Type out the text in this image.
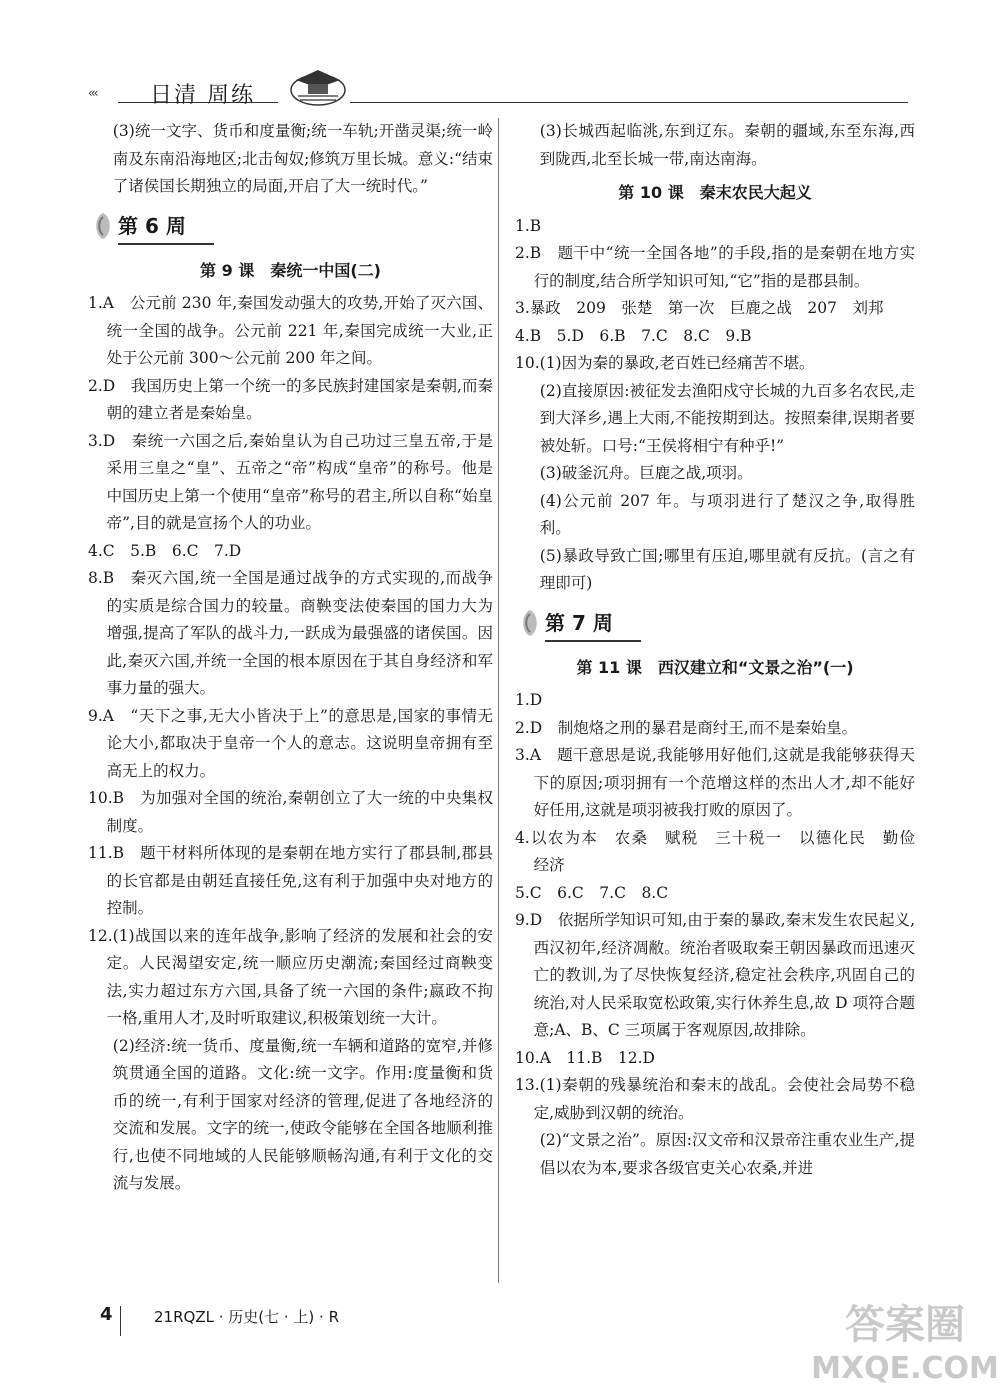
‹‹‹ 日清 周练

(3)统一文字、货币和度量衡;统一车轨;开凿灵渠;统一岭南及东南沿海地区;北击匈奴;修筑万里长城。意义:“结束了诸侯国长期独立的局面,开启了大一统时代。”

第 6 周

第 9 课　秦统一中国(二)

1.A　公元前 230 年,秦国发动强大的攻势,开始了灭六国、统一全国的战争。公元前 221 年,秦国完成统一大业,正处于公元前 300～公元前 200 年之间。

2.D　我国历史上第一个统一的多民族封建国家是秦朝,而秦朝的建立者是秦始皇。

3.D　秦统一六国之后,秦始皇认为自己功过三皇五帝,于是采用三皇之“皇”、五帝之“帝”构成“皇帝”的称号。他是中国历史上第一个使用“皇帝”称号的君主,所以自称“始皇帝”,目的就是宣扬个人的功业。

4.C　5.B　6.C　7.D

8.B　秦灭六国,统一全国是通过战争的方式实现的,而战争的实质是综合国力的较量。商鞅变法使秦国的国力大为增强,提高了军队的战斗力,一跃成为最强盛的诸侯国。因此,秦灭六国,并统一全国的根本原因在于其自身经济和军事力量的强大。

9.A　“天下之事,无大小皆决于上”的意思是,国家的事情无论大小,都取决于皇帝一个人的意志。这说明皇帝拥有至高无上的权力。

10.B　为加强对全国的统治,秦朝创立了大一统的中央集权制度。

11.B　题干材料所体现的是秦朝在地方实行了郡县制,郡县的长官都是由朝廷直接任免,这有利于加强中央对地方的控制。

12.(1)战国以来的连年战争,影响了经济的发展和社会的安定。人民渴望安定,统一顺应历史潮流;秦国经过商鞅变法,实力超过东方六国,具备了统一六国的条件;嬴政不拘一格,重用人才,及时听取建议,积极策划统一大计。

(2)经济:统一货币、度量衡,统一车辆和道路的宽窄,并修筑贯通全国的道路。文化:统一文字。作用:度量衡和货币的统一,有利于国家对经济的管理,促进了各地经济的交流和发展。文字的统一,使政令能够在全国各地顺利推行,也使不同地域的人民能够顺畅沟通,有利于文化的交流与发展。

(3)长城西起临洮,东到辽东。秦朝的疆域,东至东海,西到陇西,北至长城一带,南达南海。

第 10 课　秦末农民大起义

1.B

2.B　题干中“统一全国各地”的手段,指的是秦朝在地方实行的制度,结合所学知识可知,“它”指的是郡县制。

3.暴政　209　张楚　第一次　巨鹿之战　207　刘邦

4.B　5.D　6.B　7.C　8.C　9.B

10.(1)因为秦的暴政,老百姓已经痛苦不堪。

(2)直接原因:被征发去渔阳戍守长城的九百多名农民,走到大泽乡,遇上大雨,不能按期到达。按照秦律,误期者要被处斩。口号:“王侯将相宁有种乎!”

(3)破釜沉舟。巨鹿之战,项羽。

(4)公元前 207 年。与项羽进行了楚汉之争,取得胜利。

(5)暴政导致亡国;哪里有压迫,哪里就有反抗。(言之有理即可)

第 7 周

第 11 课　西汉建立和“文景之治”(一)

1.D

2.D　制炮烙之刑的暴君是商纣王,而不是秦始皇。

3.A　题干意思是说,我能够用好他们,这就是我能够获得天下的原因;项羽拥有一个范增这样的杰出人才,却不能好好任用,这就是项羽被我打败的原因了。

4.以农为本　农桑　赋税　三十税一　以德化民　勤俭　经济

5.C　6.C　7.C　8.C

9.D　依据所学知识可知,由于秦的暴政,秦末发生农民起义,西汉初年,经济凋敝。统治者吸取秦王朝因暴政而迅速灭亡的教训,为了尽快恢复经济,稳定社会秩序,巩固自己的统治,对人民采取宽松政策,实行休养生息,故 D 项符合题意;A、B、C 三项属于客观原因,故排除。

10.A　11.B　12.D

13.(1)秦朝的残暴统治和秦末的战乱。会使社会局势不稳定,威胁到汉朝的统治。

(2)“文景之治”。原因:汉文帝和汉景帝注重农业生产,提倡以农为本,要求各级官吏关心农桑,并进

4	21RQZL · 历史(七 · 上) · R	答案圈
MXQE.COM
